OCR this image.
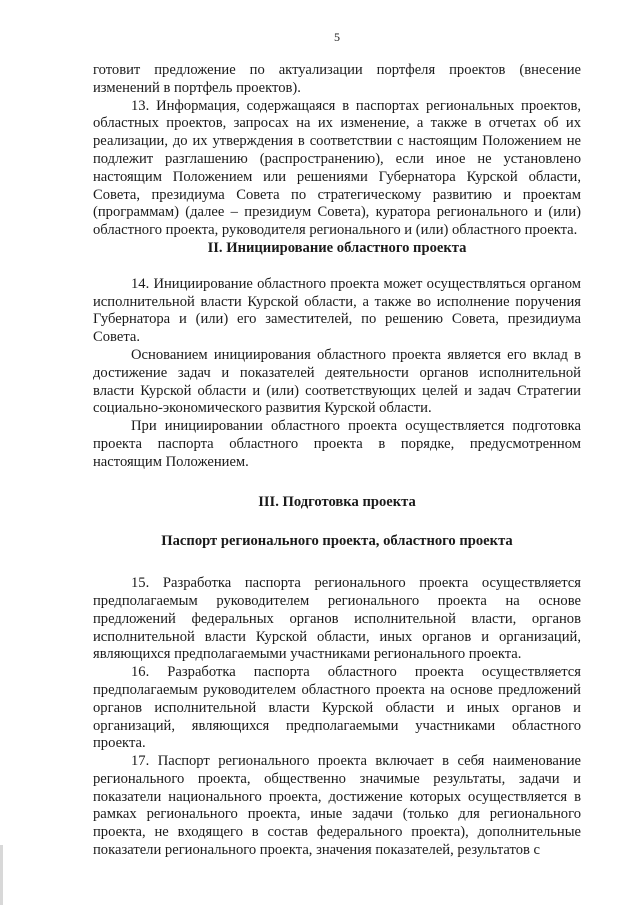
5

готовит предложение по актуализации портфеля проектов (внесение изменений в портфель проектов).

13. Информация, содержащаяся в паспортах региональных проектов, областных проектов, запросах на их изменение, а также в отчетах об их реализации, до их утверждения в соответствии с настоящим Положением не подлежит разглашению (распространению), если иное не установлено настоящим Положением или решениями Губернатора Курской области, Совета, президиума Совета по стратегическому развитию и проектам (программам) (далее – президиум Совета), куратора регионального и (или) областного проекта, руководителя регионального и (или) областного проекта.

II. Инициирование областного проекта

14. Инициирование областного проекта может осуществляться органом исполнительной власти Курской области, а также во исполнение поручения Губернатора и (или) его заместителей, по решению Совета, президиума Совета.

Основанием инициирования областного проекта является его вклад в достижение задач и показателей деятельности органов исполнительной власти Курской области и (или) соответствующих целей и задач Стратегии социально-экономического развития Курской области.

При инициировании областного проекта осуществляется подготовка проекта паспорта областного проекта в порядке, предусмотренном настоящим Положением.

III. Подготовка проекта

Паспорт регионального проекта, областного проекта

15. Разработка паспорта регионального проекта осуществляется предполагаемым руководителем регионального проекта на основе предложений федеральных органов исполнительной власти, органов исполнительной власти Курской области, иных органов и организаций, являющихся предполагаемыми участниками регионального проекта.

16. Разработка паспорта областного проекта осуществляется предполагаемым руководителем областного проекта на основе предложений органов исполнительной власти Курской области и иных органов и организаций, являющихся предполагаемыми участниками областного проекта.

17. Паспорт регионального проекта включает в себя наименование регионального проекта, общественно значимые результаты, задачи и показатели национального проекта, достижение которых осуществляется в рамках регионального проекта, иные задачи (только для регионального проекта, не входящего в состав федерального проекта), дополнительные показатели регионального проекта, значения показателей, результатов с
